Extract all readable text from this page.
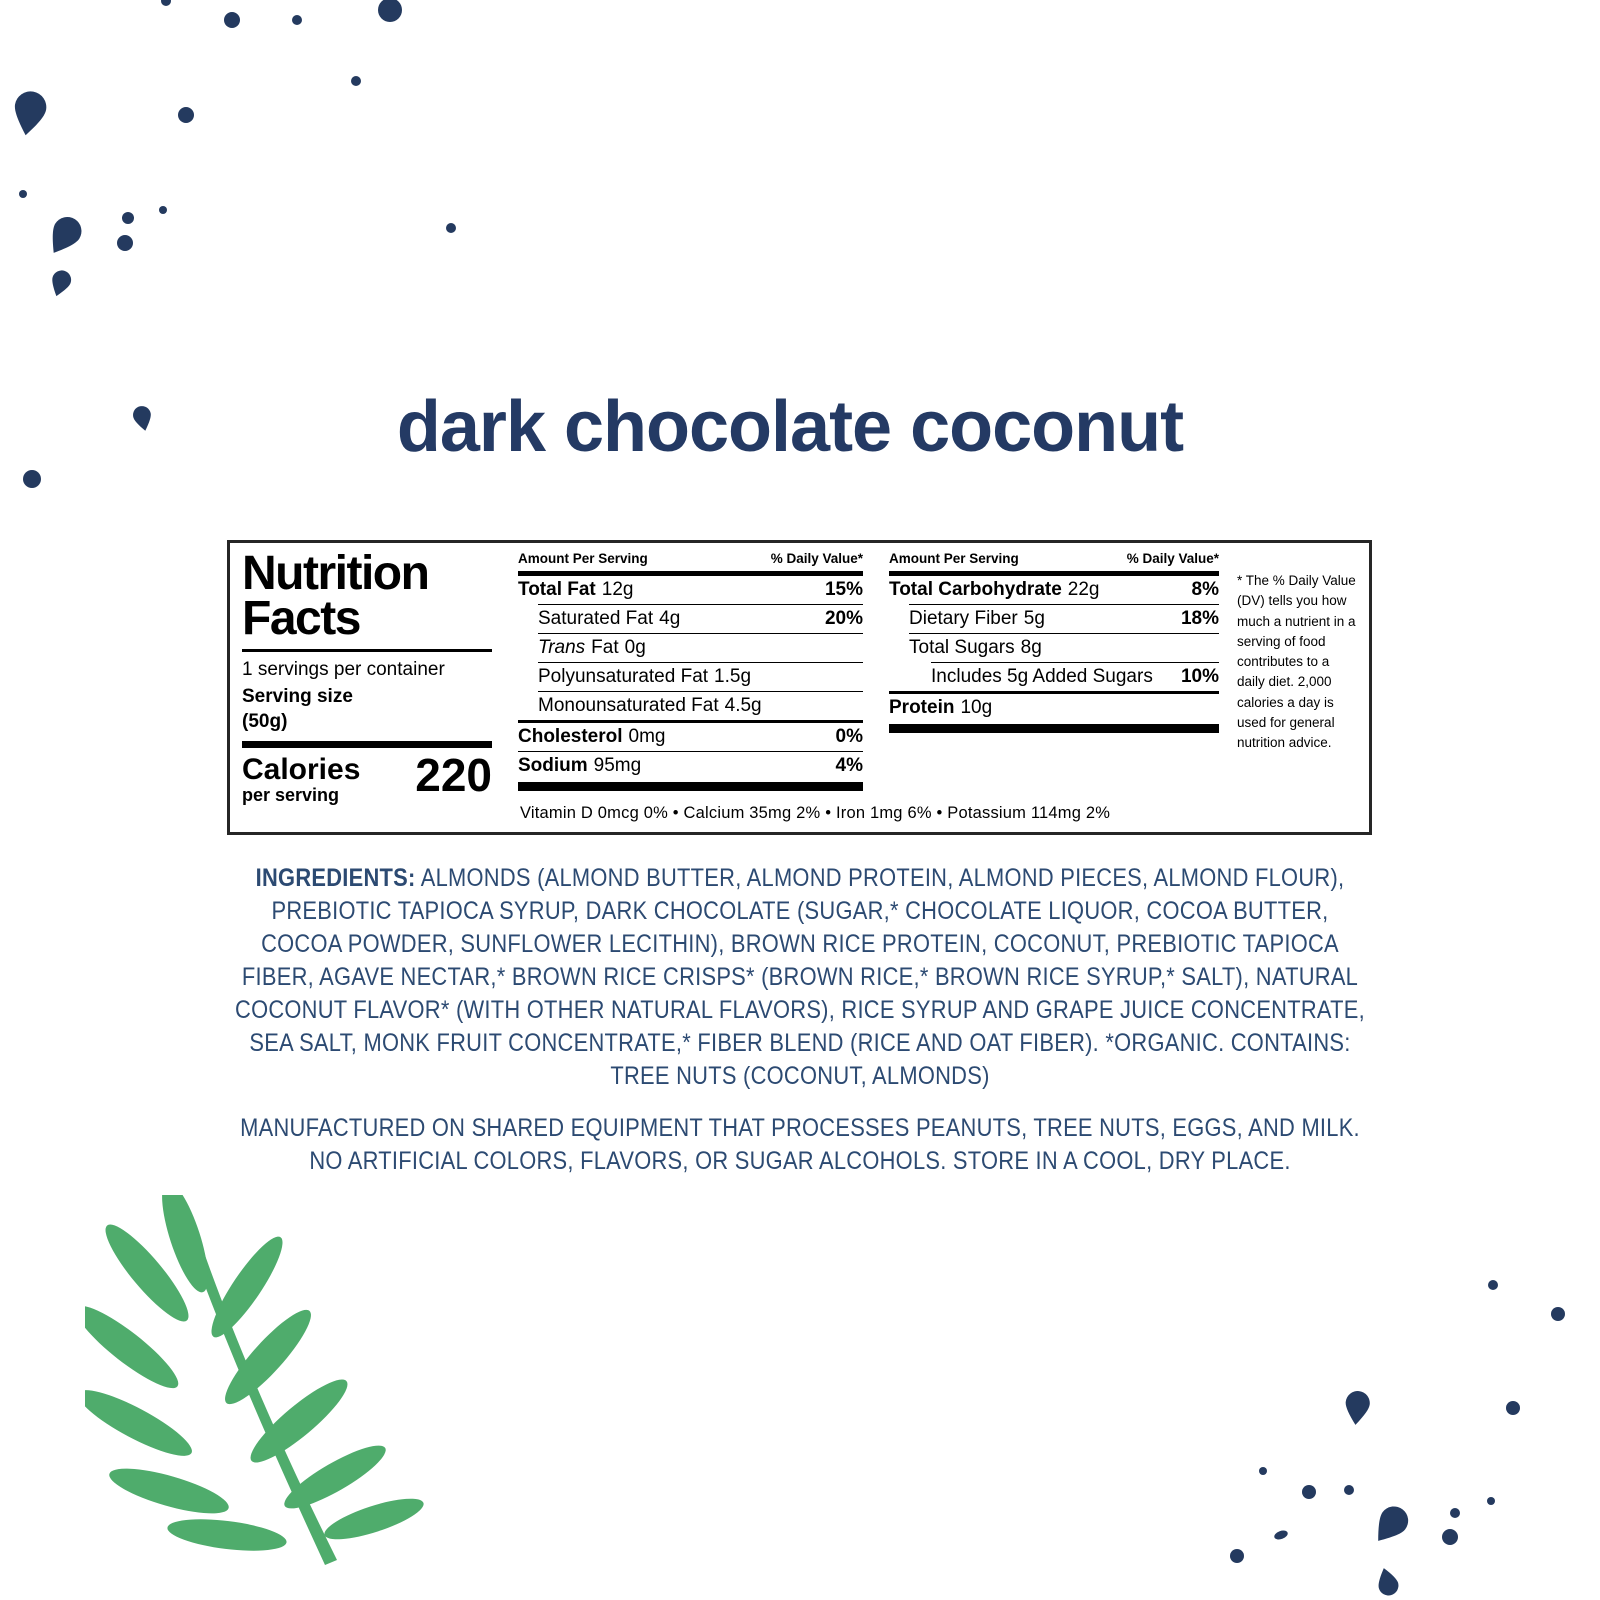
dark chocolate coconut
Nutrition
Facts
1 servings per container
Serving size
(50g)
Calories
per serving	220
Amount Per Serving	% Daily Value*
Total Fat 12g	15%
Saturated Fat 4g	20%
Trans Fat 0g
Polyunsaturated Fat 1.5g
Monounsaturated Fat 4.5g
Cholesterol 0mg	0%
Sodium 95mg	4%
Amount Per Serving	% Daily Value*
Total Carbohydrate 22g	8%
Dietary Fiber 5g	18%
Total Sugars 8g
Includes 5g Added Sugars 10%
Protein 10g
* The % Daily Value (DV) tells you how much a nutrient in a serving of food contributes to a daily diet. 2,000 calories a day is used for general nutrition advice.
Vitamin D 0mcg 0% • Calcium 35mg 2% • Iron 1mg 6% • Potassium 114mg 2%
INGREDIENTS: ALMONDS (ALMOND BUTTER, ALMOND PROTEIN, ALMOND PIECES, ALMOND FLOUR), PREBIOTIC TAPIOCA SYRUP, DARK CHOCOLATE (SUGAR,* CHOCOLATE LIQUOR, COCOA BUTTER, COCOA POWDER, SUNFLOWER LECITHIN), BROWN RICE PROTEIN, COCONUT, PREBIOTIC TAPIOCA FIBER, AGAVE NECTAR,* BROWN RICE CRISPS* (BROWN RICE,* BROWN RICE SYRUP,* SALT), NATURAL COCONUT FLAVOR* (WITH OTHER NATURAL FLAVORS), RICE SYRUP AND GRAPE JUICE CONCENTRATE, SEA SALT, MONK FRUIT CONCENTRATE,* FIBER BLEND (RICE AND OAT FIBER). *ORGANIC. CONTAINS: TREE NUTS (COCONUT, ALMONDS)
MANUFACTURED ON SHARED EQUIPMENT THAT PROCESSES PEANUTS, TREE NUTS, EGGS, AND MILK. NO ARTIFICIAL COLORS, FLAVORS, OR SUGAR ALCOHOLS. STORE IN A COOL, DRY PLACE.
